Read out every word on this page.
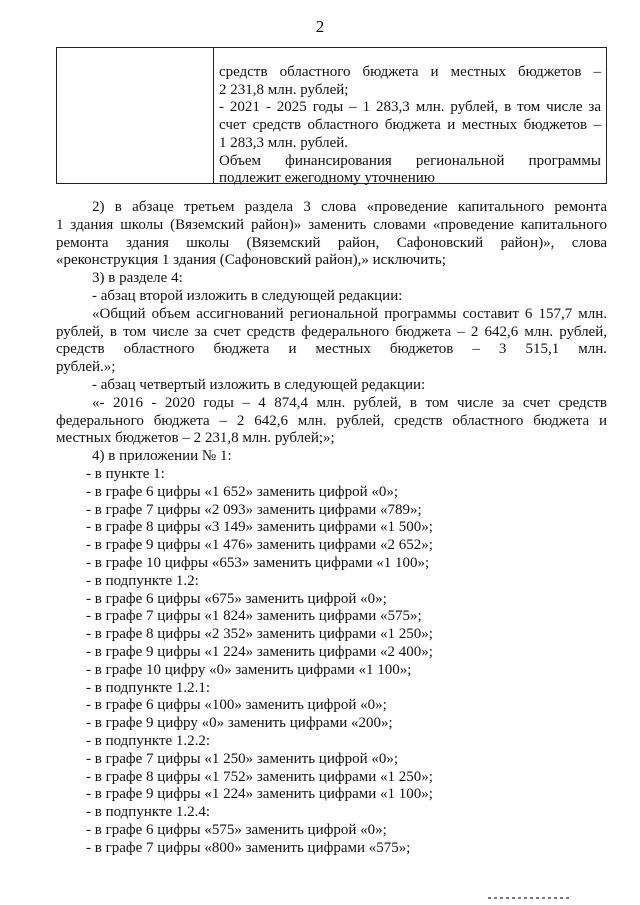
2
средств областного бюджета и местных бюджетов –
2 231,8 млн. рублей;
- 2021 - 2025 годы – 1 283,3 млн. рублей, в том числе за
счет средств областного бюджета и местных бюджетов –
1 283,3 млн. рублей.
Объем финансирования региональной программы
подлежит ежегодному уточнению
2) в абзаце третьем раздела 3 слова «проведение капитального ремонта
1 здания школы (Вяземский район)» заменить словами «проведение капитального
ремонта здания школы (Вяземский район, Сафоновский район)», слова
«реконструкция 1 здания (Сафоновский район),» исключить;
3) в разделе 4:
- абзац второй изложить в следующей редакции:
«Общий объем ассигнований региональной программы составит 6 157,7 млн.
рублей, в том числе за счет средств федерального бюджета – 2 642,6 млн. рублей,
средств областного бюджета и местных бюджетов – 3 515,1 млн.
рублей.»;
- абзац четвертый изложить в следующей редакции:
«- 2016 - 2020 годы – 4 874,4 млн. рублей, в том числе за счет средств
федерального бюджета – 2 642,6 млн. рублей, средств областного бюджета и
местных бюджетов – 2 231,8 млн. рублей;»;
4) в приложении № 1:
- в пункте 1:
- в графе 6 цифры «1 652» заменить цифрой «0»;
- в графе 7 цифры «2 093» заменить цифрами «789»;
- в графе 8 цифры «3 149» заменить цифрами «1 500»;
- в графе 9 цифры «1 476» заменить цифрами «2 652»;
- в графе 10 цифры «653» заменить цифрами «1 100»;
- в подпункте 1.2:
- в графе 6 цифры «675» заменить цифрой «0»;
- в графе 7 цифры «1 824» заменить цифрами «575»;
- в графе 8 цифры «2 352» заменить цифрами «1 250»;
- в графе 9 цифры «1 224» заменить цифрами «2 400»;
- в графе 10 цифру «0» заменить цифрами «1 100»;
- в подпункте 1.2.1:
- в графе 6 цифры «100» заменить цифрой «0»;
- в графе 9 цифру «0» заменить цифрами «200»;
- в подпункте 1.2.2:
- в графе 7 цифры «1 250» заменить цифрой «0»;
- в графе 8 цифры «1 752» заменить цифрами «1 250»;
- в графе 9 цифры «1 224» заменить цифрами «1 100»;
- в подпункте 1.2.4:
- в графе 6 цифры «575» заменить цифрой «0»;
- в графе 7 цифры «800» заменить цифрами «575»;
